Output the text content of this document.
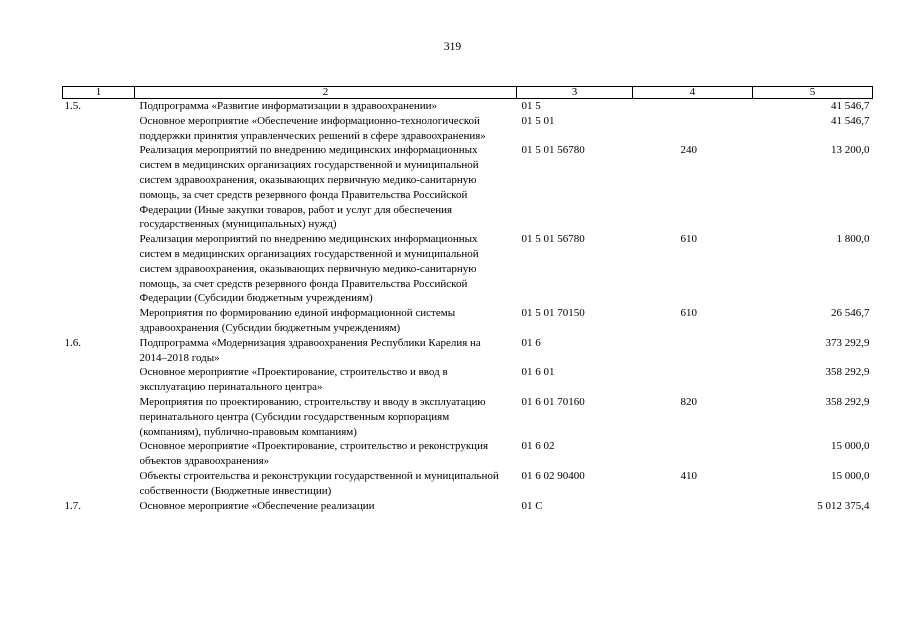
319
1	2	3	4	5
1.5.	Подпрограмма «Развитие информатизации в здравоохранении»	01 5		41 546,7
	Основное мероприятие «Обеспечение информационно-технологической поддержки принятия управленческих решений в сфере здравоохранения»	01 5 01		41 546,7
	Реализация мероприятий по внедрению медицинских информационных систем в медицинских организациях государственной и муниципальной систем здравоохранения, оказывающих первичную медико-санитарную помощь, за счет средств резервного фонда Правительства Российской Федерации (Иные закупки товаров, работ и услуг для обеспечения государственных (муниципальных) нужд)	01 5 01 56780	240	13 200,0
	Реализация мероприятий по внедрению медицинских информационных систем в медицинских организациях государственной и муниципальной систем здравоохранения, оказывающих первичную медико-санитарную помощь, за счет средств резервного фонда Правительства Российской Федерации (Субсидии бюджетным учреждениям)	01 5 01 56780	610	1 800,0
	Мероприятия по формированию единой информационной системы здравоохранения (Субсидии бюджетным учреждениям)	01 5 01 70150	610	26 546,7
1.6.	Подпрограмма «Модернизация здравоохранения Республики Карелия на 2014–2018 годы»	01 6		373 292,9
	Основное мероприятие «Проектирование, строительство и ввод в эксплуатацию перинатального центра»	01 6 01		358 292,9
	Мероприятия по проектированию, строительству и вводу в эксплуатацию перинатального центра (Субсидии государственным корпорациям (компаниям), публично-правовым компаниям)	01 6 01 70160	820	358 292,9
	Основное мероприятие «Проектирование, строительство и реконструкция объектов здравоохранения»	01 6 02		15 000,0
	Объекты строительства и реконструкции государственной и муниципальной собственности (Бюджетные инвестиции)	01 6 02 90400	410	15 000,0
1.7.	Основное мероприятие «Обеспечение реализации	01 С		5 012 375,4
